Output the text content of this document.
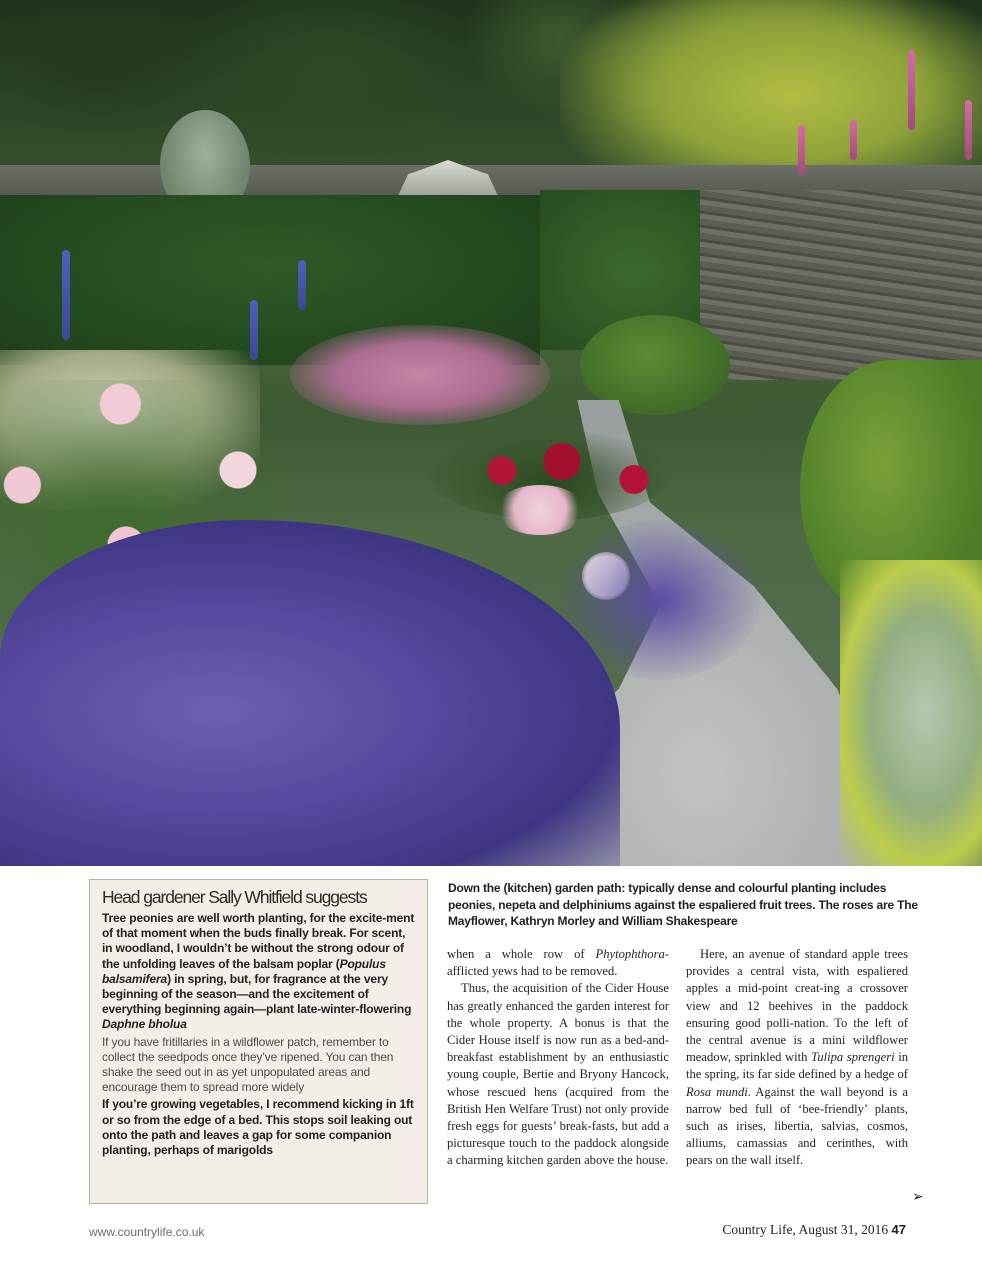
Head gardener Sally Whitfield suggests
Tree peonies are well worth planting, for the excite-ment of that moment when the buds finally break. For scent, in woodland, I wouldn’t be without the strong odour of the unfolding leaves of the balsam poplar (Populus balsamifera) in spring, but, for fragrance at the very beginning of the season—and the excitement of everything beginning again—plant late-winter-flowering Daphne bholua
If you have fritillaries in a wildflower patch, remember to collect the seedpods once they’ve ripened. You can then shake the seed out in as yet unpopulated areas and encourage them to spread more widely
If you’re growing vegetables, I recommend kicking in 1ft or so from the edge of a bed. This stops soil leaking out onto the path and leaves a gap for some companion planting, perhaps of marigolds
Down the (kitchen) garden path: typically dense and colourful planting includes peonies, nepeta and delphiniums against the espaliered fruit trees. The roses are The Mayflower, Kathryn Morley and William Shakespeare

when a whole row of Phytophthora-afflicted yews had to be removed.

Thus, the acquisition of the Cider House has greatly enhanced the garden interest for the whole property. A bonus is that the Cider House itself is now run as a bed-and-breakfast establishment by an enthusiastic young couple, Bertie and Bryony Hancock, whose rescued hens (acquired from the British Hen Welfare Trust) not only provide fresh eggs for guests’ break-fasts, but add a picturesque touch to the paddock alongside a charming kitchen garden above the house.

Here, an avenue of standard apple trees provides a central vista, with espaliered apples a mid-point creat-ing a crossover view and 12 beehives in the paddock ensuring good polli-nation. To the left of the central avenue is a mini wildflower meadow, sprinkled with Tulipa sprengeri in the spring, its far side defined by a hedge of Rosa mundi. Against the wall beyond is a narrow bed full of ‘bee-friendly’ plants, such as irises, libertia, salvias, cosmos, alliums, camassias and cerinthes, with pears on the wall itself.

➢
www.countrylife.co.uk	Country Life, August 31, 2016 47
